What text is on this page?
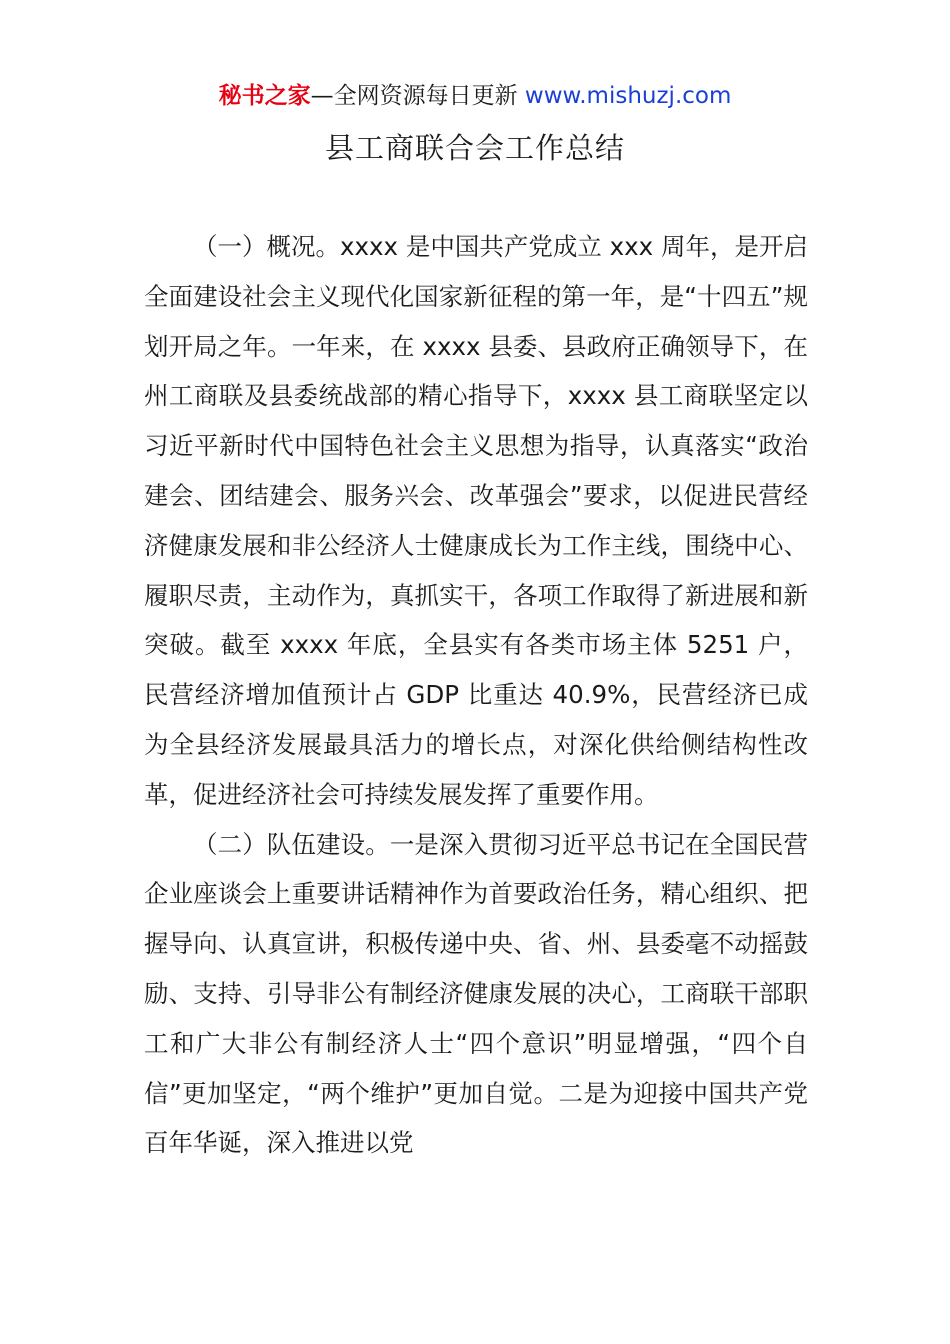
秘书之家—全网资源每日更新 www.mishuzj.com
县工商联合会工作总结

（一）概况。xxxx 是中国共产党成立 xxx 周年，是开启全面建设社会主义现代化国家新征程的第一年，是“十四五”规划开局之年。一年来，在 xxxx 县委、县政府正确领导下，在州工商联及县委统战部的精心指导下，xxxx 县工商联坚定以习近平新时代中国特色社会主义思想为指导，认真落实“政治建会、团结建会、服务兴会、改革强会”要求，以促进民营经济健康发展和非公经济人士健康成长为工作主线，围绕中心、履职尽责，主动作为，真抓实干，各项工作取得了新进展和新突破。截至 xxxx 年底，全县实有各类市场主体 5251 户，民营经济增加值预计占 GDP 比重达 40.9%，民营经济已成为全县经济发展最具活力的增长点，对深化供给侧结构性改革，促进经济社会可持续发展发挥了重要作用。

（二）队伍建设。一是深入贯彻习近平总书记在全国民营企业座谈会上重要讲话精神作为首要政治任务，精心组织、把握导向、认真宣讲，积极传递中央、省、州、县委毫不动摇鼓励、支持、引导非公有制经济健康发展的决心，工商联干部职工和广大非公有制经济人士“四个意识”明显增强，“四个自信”更加坚定，“两个维护”更加自觉。二是为迎接中国共产党百年华诞，深入推进以党
